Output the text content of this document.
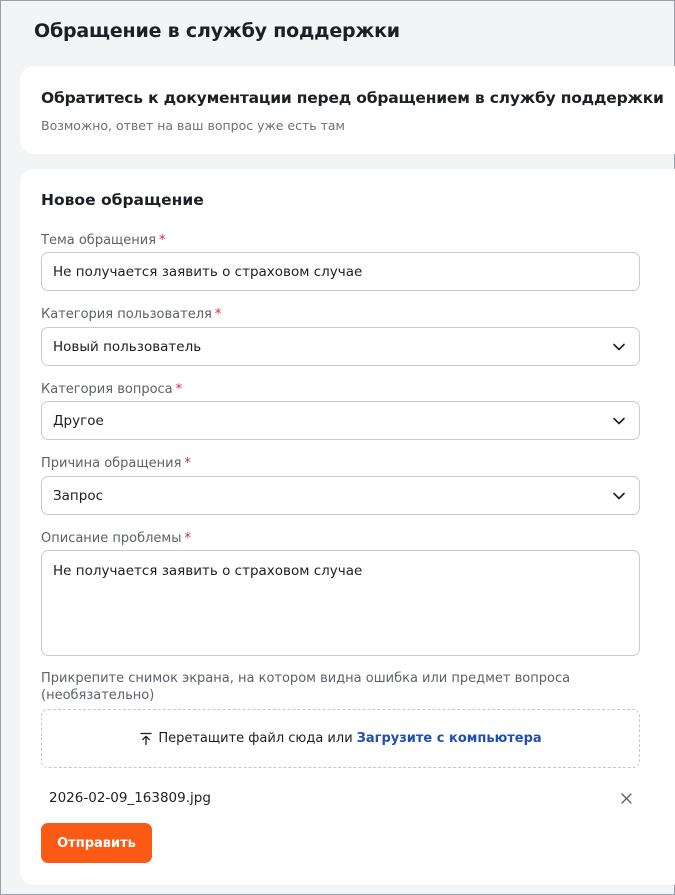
Обращение в службу поддержки
Обратитесь к документации перед обращением в службу поддержки
Возможно, ответ на ваш вопрос уже есть там
Новое обращение
Тема обращения *
Не получается заявить о страховом случае
Категория пользователя *
Новый пользователь
Категория вопроса *
Другое
Причина обращения *
Запрос
Описание проблемы *
Не получается заявить о страховом случае
Прикрепите снимок экрана, на котором видна ошибка или предмет вопроса (необязательно)
Перетащите файл сюда или Загрузите с компьютера
2026-02-09_163809.jpg
Отправить
